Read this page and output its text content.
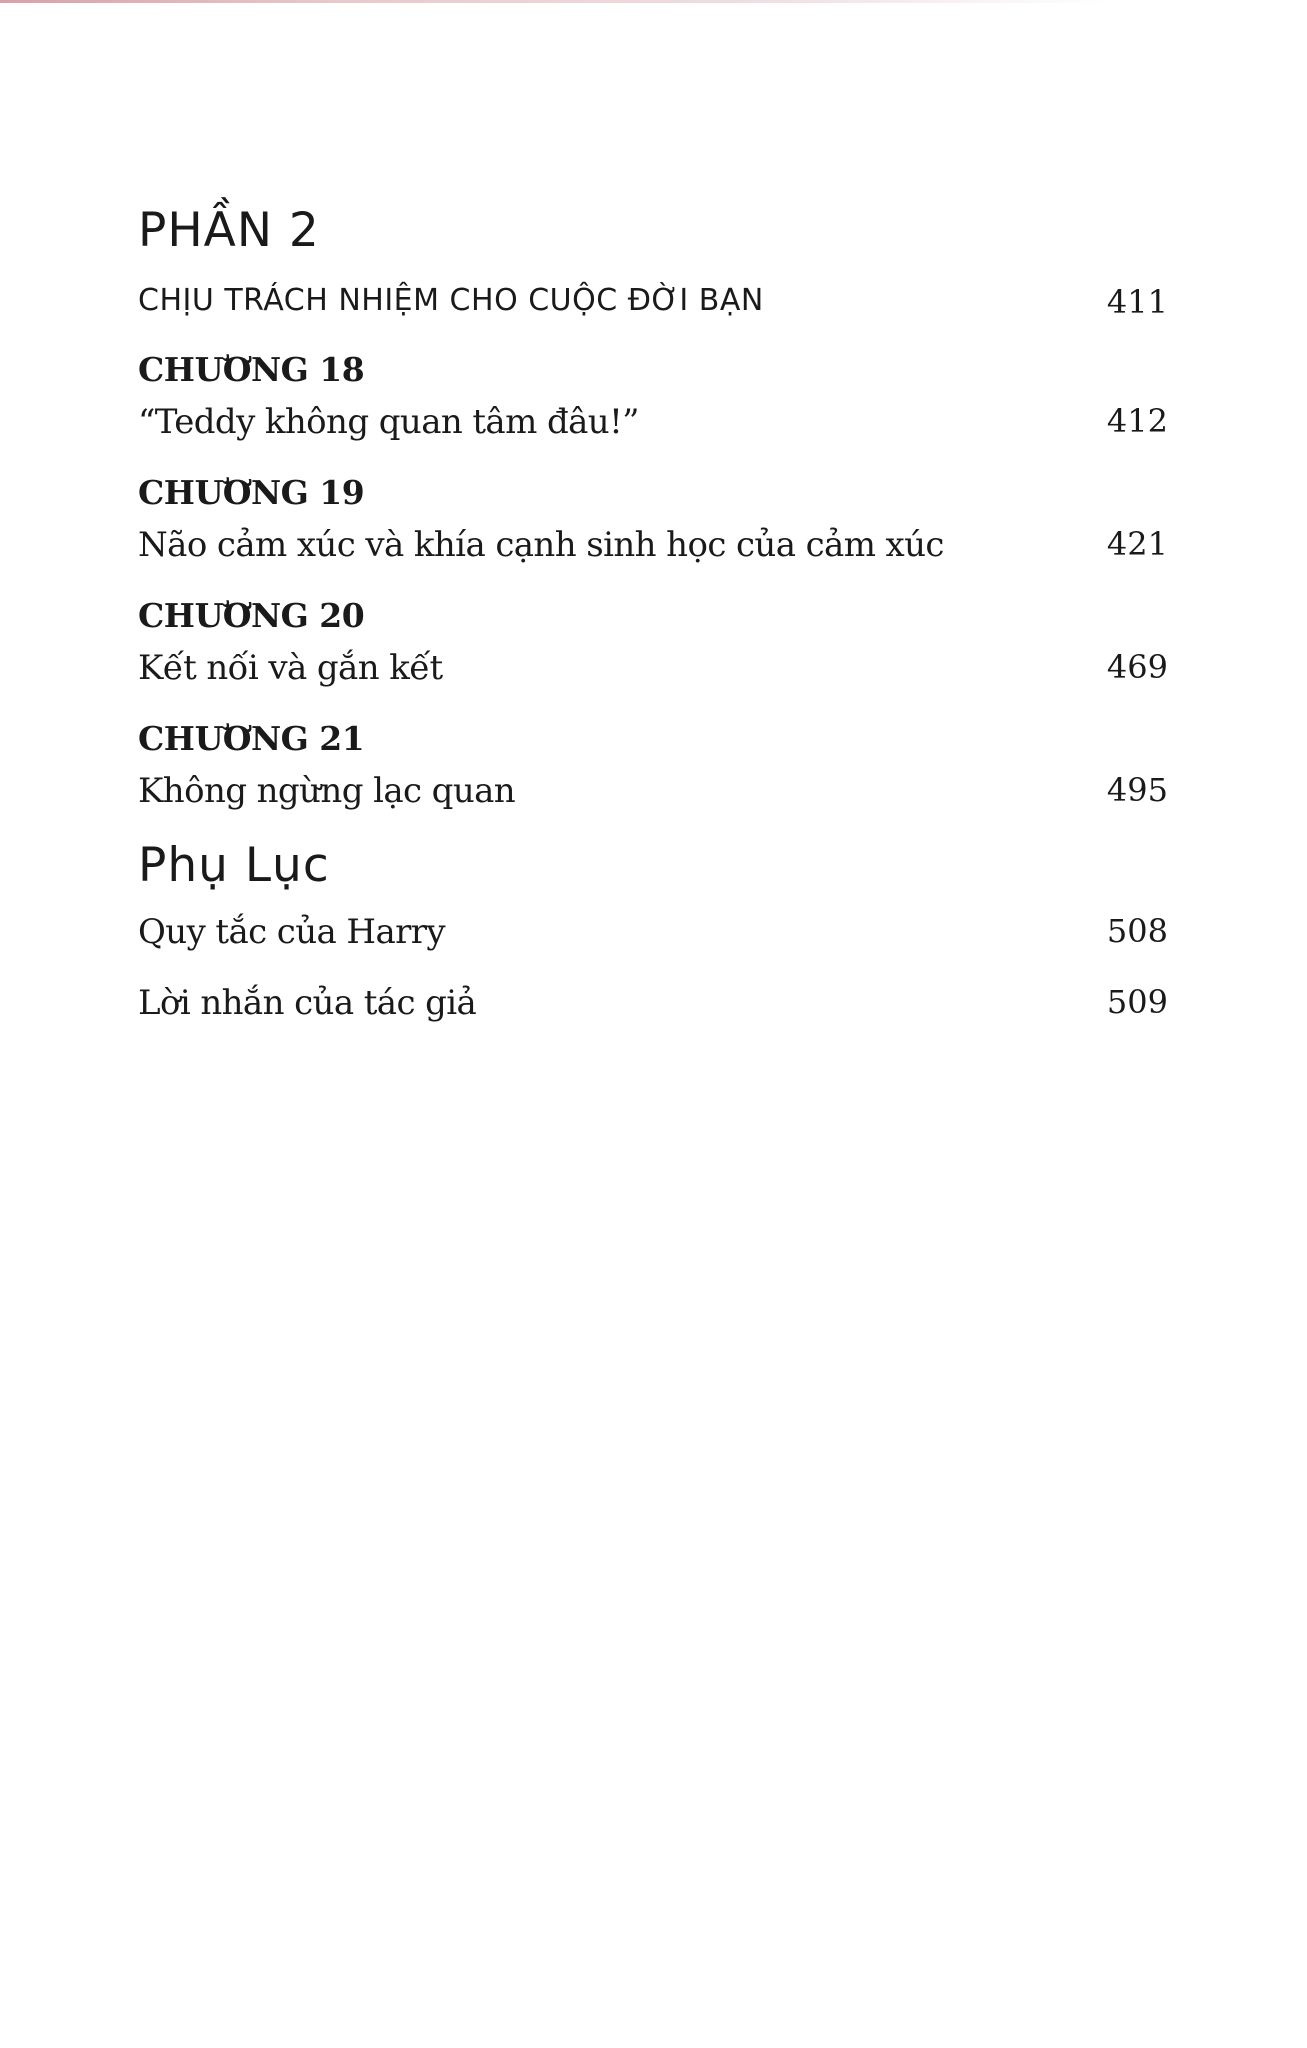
PHẦN 2
CHỊU TRÁCH NHIỆM CHO CUỘC ĐỜI BẠN	411
CHƯƠNG 18
“Teddy không quan tâm đâu!”	412
CHƯƠNG 19
Não cảm xúc và khía cạnh sinh học của cảm xúc	421
CHƯƠNG 20
Kết nối và gắn kết	469
CHƯƠNG 21
Không ngừng lạc quan	495
Phụ Lục
Quy tắc của Harry	508
Lời nhắn của tác giả	509
